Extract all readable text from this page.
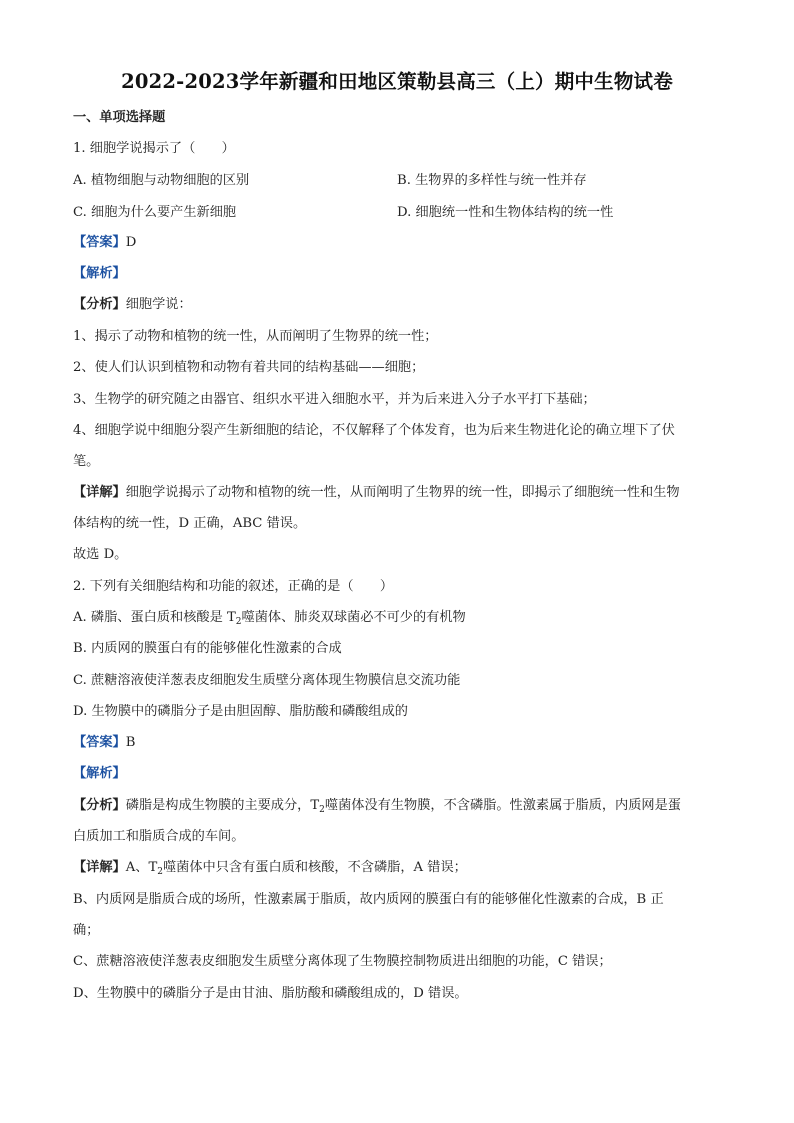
2022-2023学年新疆和田地区策勒县高三（上）期中生物试卷
一、单项选择题
1. 细胞学说揭示了（　　）
A. 植物细胞与动物细胞的区别	B. 生物界的多样性与统一性并存
C. 细胞为什么要产生新细胞	D. 细胞统一性和生物体结构的统一性
【答案】D
【解析】
【分析】细胞学说：
1、揭示了动物和植物的统一性，从而阐明了生物界的统一性；
2、使人们认识到植物和动物有着共同的结构基础——细胞；
3、生物学的研究随之由器官、组织水平进入细胞水平，并为后来进入分子水平打下基础；
4、细胞学说中细胞分裂产生新细胞的结论，不仅解释了个体发育，也为后来生物进化论的确立埋下了伏
笔。
【详解】细胞学说揭示了动物和植物的统一性，从而阐明了生物界的统一性，即揭示了细胞统一性和生物
体结构的统一性，D 正确，ABC 错误。
故选 D。
2. 下列有关细胞结构和功能的叙述，正确的是（　　）
A. 磷脂、蛋白质和核酸是 $T_2$噬菌体、肺炎双球菌必不可少的有机物
B. 内质网的膜蛋白有的能够催化性激素的合成
C. 蔗糖溶液使洋葱表皮细胞发生质壁分离体现生物膜信息交流功能
D. 生物膜中的磷脂分子是由胆固醇、脂肪酸和磷酸组成的
【答案】B
【解析】
【分析】磷脂是构成生物膜的主要成分，$T_2$噬菌体没有生物膜，不含磷脂。性激素属于脂质，内质网是蛋
白质加工和脂质合成的车间。
【详解】A、$T_2$噬菌体中只含有蛋白质和核酸，不含磷脂，A 错误；
B、内质网是脂质合成的场所，性激素属于脂质，故内质网的膜蛋白有的能够催化性激素的合成，B 正
确；
C、蔗糖溶液使洋葱表皮细胞发生质壁分离体现了生物膜控制物质进出细胞的功能，C 错误；
D、生物膜中的磷脂分子是由甘油、脂肪酸和磷酸组成的，D 错误。
